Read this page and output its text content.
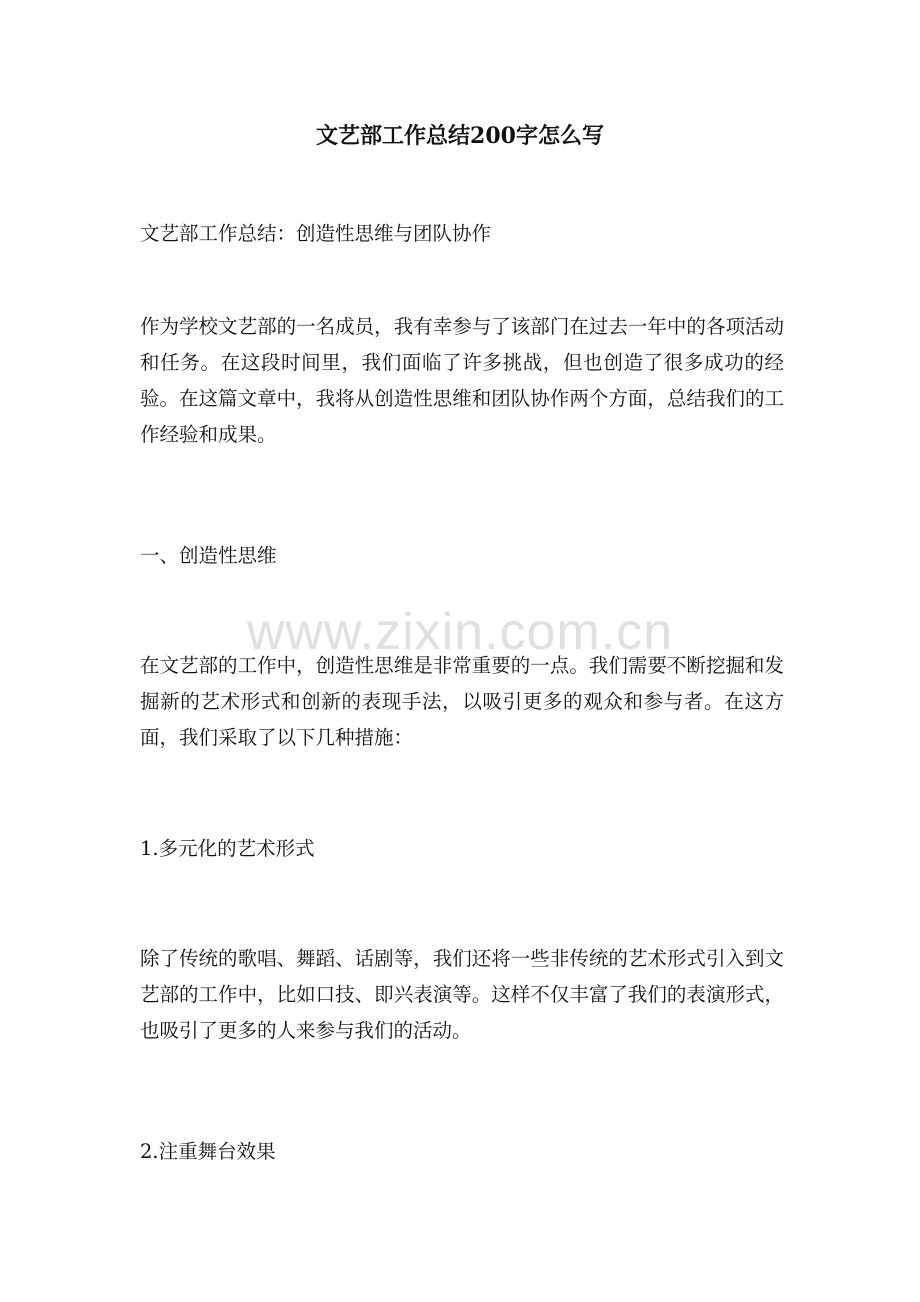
文艺部工作总结200字怎么写

文艺部工作总结：创造性思维与团队协作

作为学校文艺部的一名成员，我有幸参与了该部门在过去一年中的各项活动和任务。在这段时间里，我们面临了许多挑战，但也创造了很多成功的经验。在这篇文章中，我将从创造性思维和团队协作两个方面，总结我们的工作经验和成果。

一、创造性思维

在文艺部的工作中，创造性思维是非常重要的一点。我们需要不断挖掘和发掘新的艺术形式和创新的表现手法，以吸引更多的观众和参与者。在这方面，我们采取了以下几种措施：

1.多元化的艺术形式

除了传统的歌唱、舞蹈、话剧等，我们还将一些非传统的艺术形式引入到文艺部的工作中，比如口技、即兴表演等。这样不仅丰富了我们的表演形式，也吸引了更多的人来参与我们的活动。

2.注重舞台效果

www.zixin.com.cn
